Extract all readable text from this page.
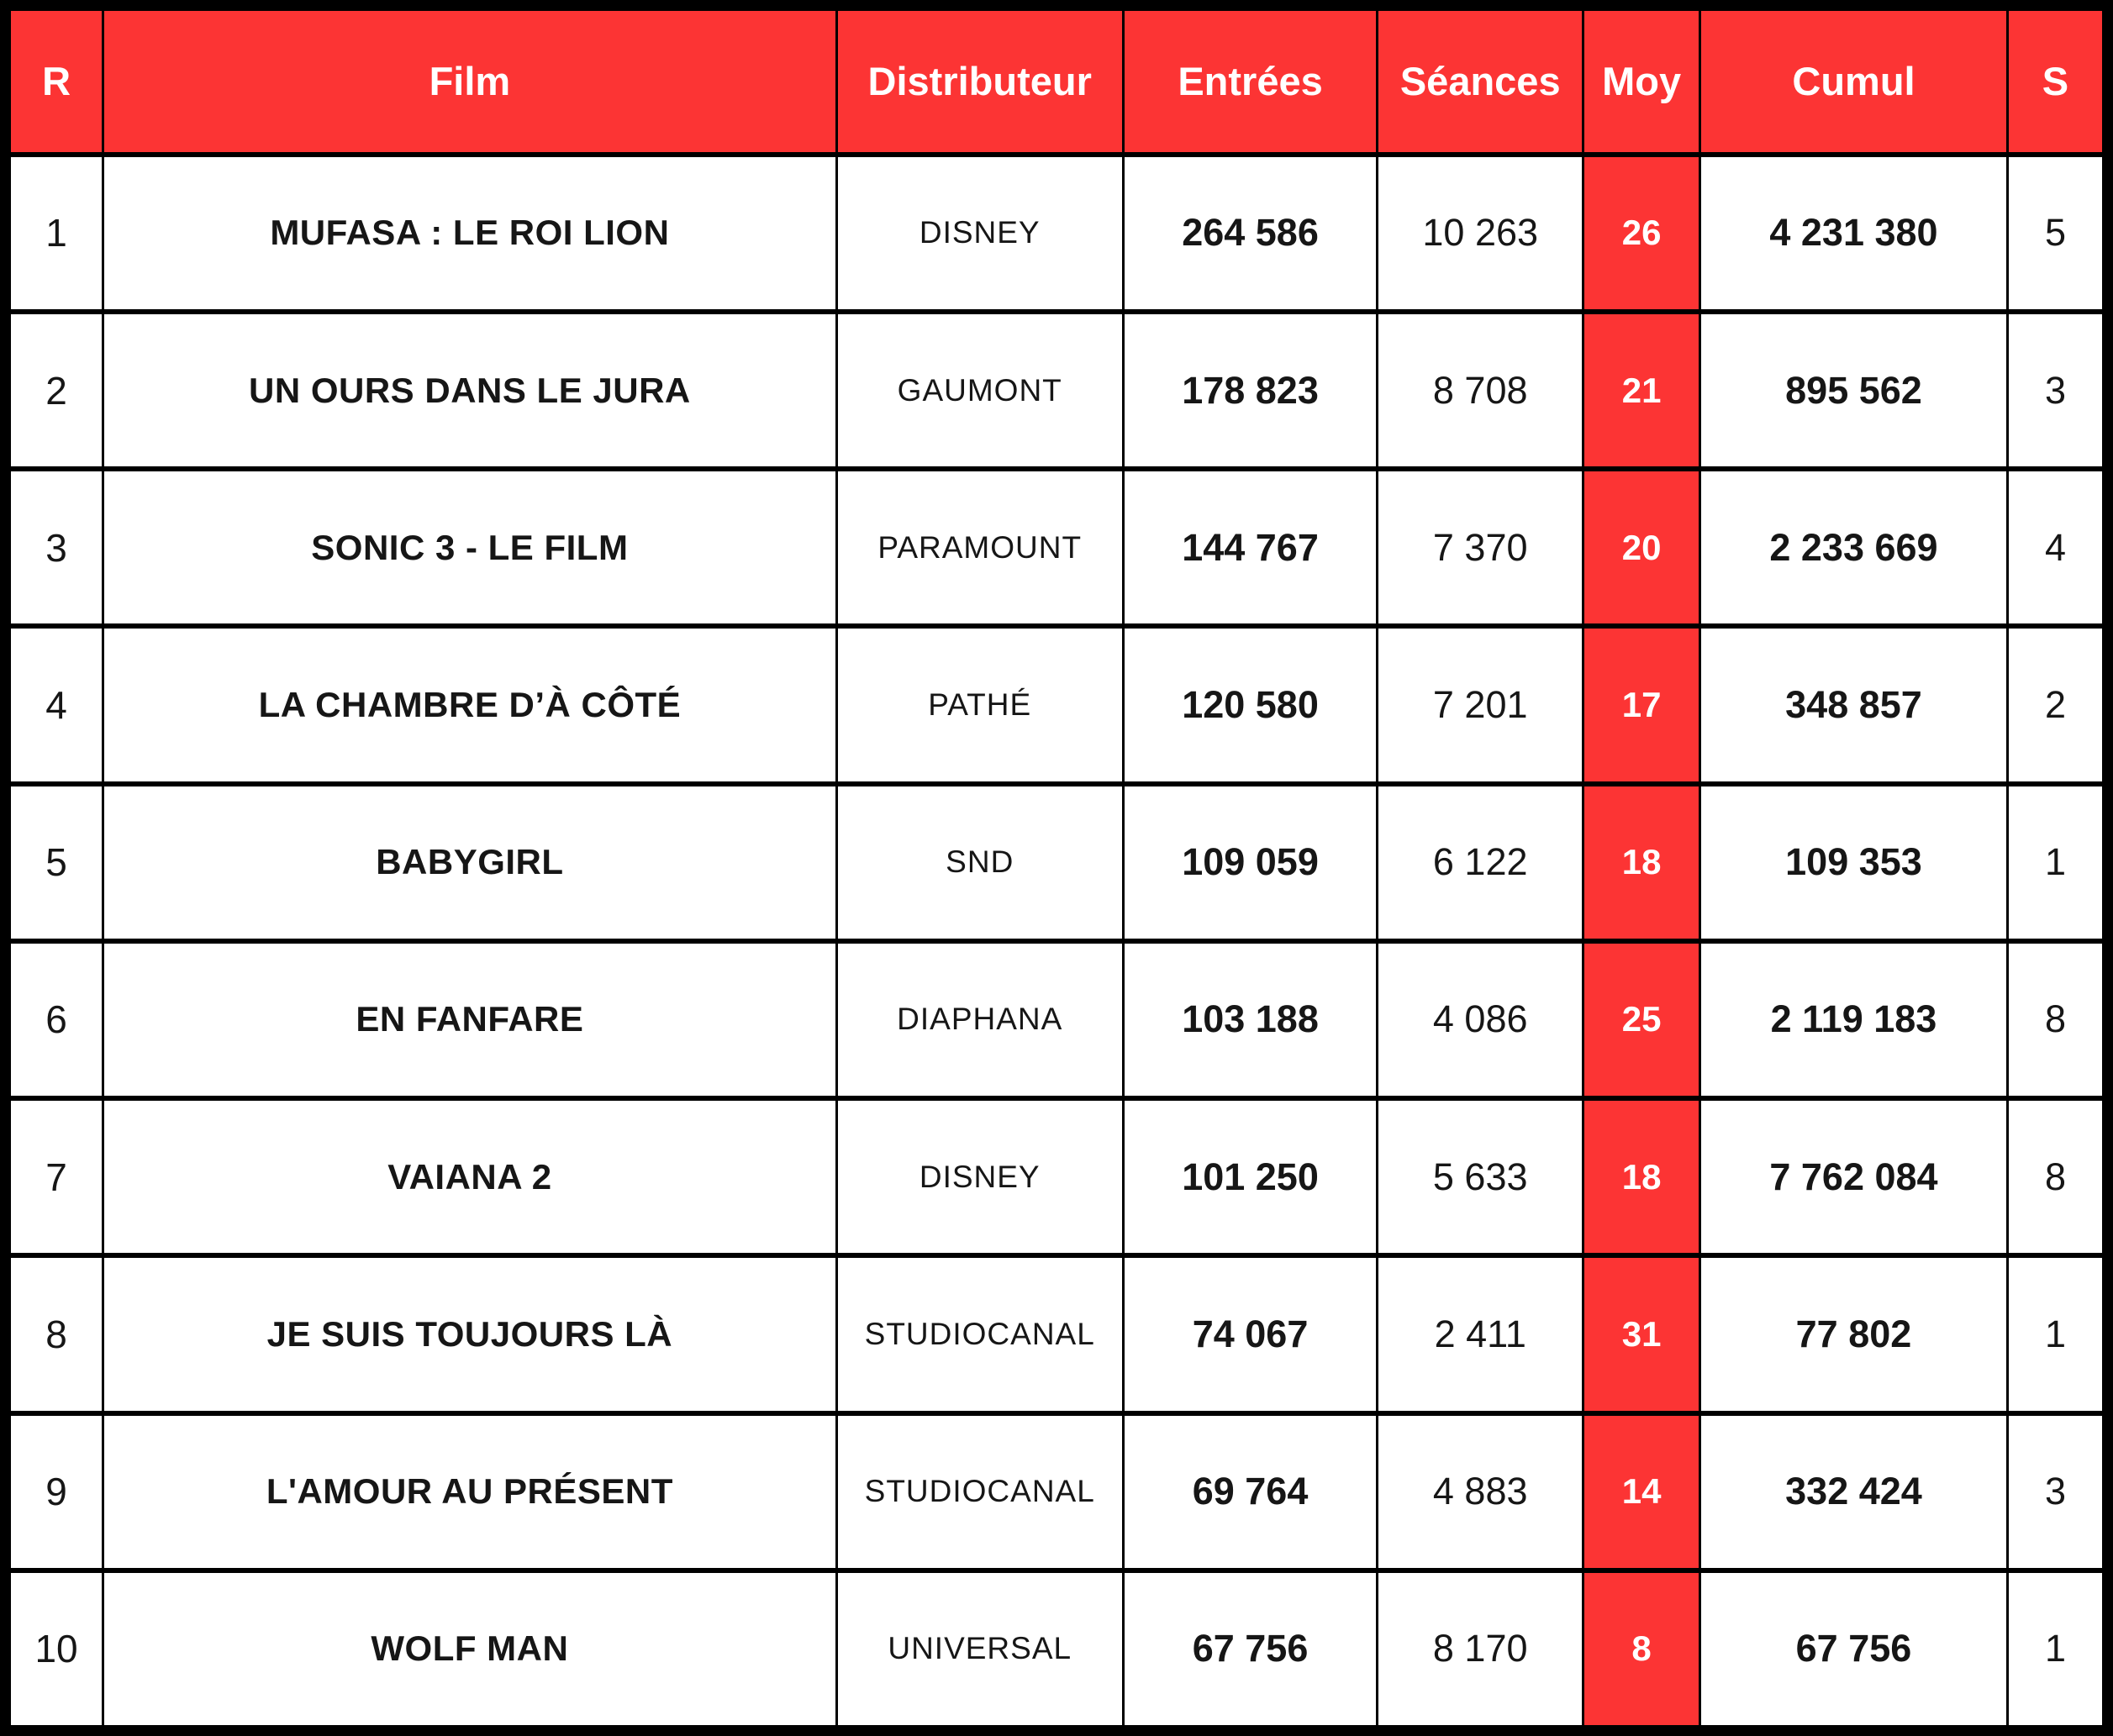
R	Film	Distributeur	Entrées	Séances	Moy	Cumul	S
1	MUFASA : LE ROI LION	DISNEY	264 586	10 263	26	4 231 380	5
2	UN OURS DANS LE JURA	GAUMONT	178 823	8 708	21	895 562	3
3	SONIC 3 - LE FILM	PARAMOUNT	144 767	7 370	20	2 233 669	4
4	LA CHAMBRE D’À CÔTÉ	PATHÉ	120 580	7 201	17	348 857	2
5	BABYGIRL	SND	109 059	6 122	18	109 353	1
6	EN FANFARE	DIAPHANA	103 188	4 086	25	2 119 183	8
7	VAIANA 2	DISNEY	101 250	5 633	18	7 762 084	8
8	JE SUIS TOUJOURS LÀ	STUDIOCANAL	74 067	2 411	31	77 802	1
9	L'AMOUR AU PRÉSENT	STUDIOCANAL	69 764	4 883	14	332 424	3
10	WOLF MAN	UNIVERSAL	67 756	8 170	8	67 756	1
